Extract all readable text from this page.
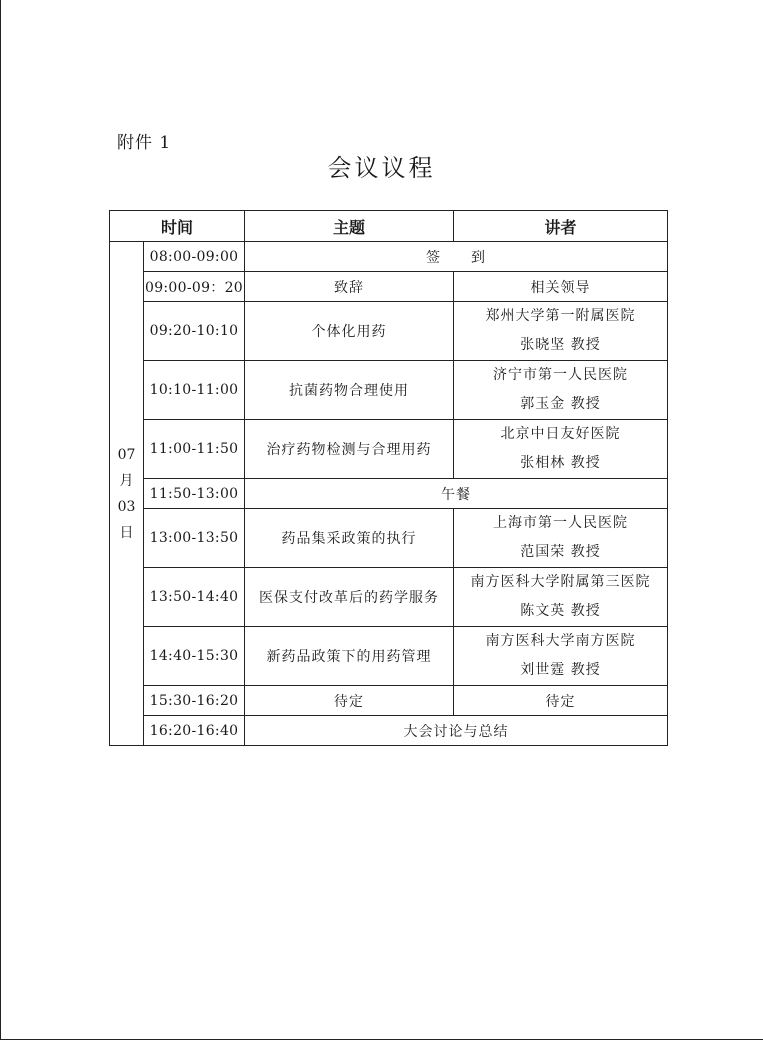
附件 1
会议议程
时间		主题	讲者

07
月
03
日	08:00-09:00	签　　到	
	09:00-09：20	致辞	相关领导
	09:20-10:10	个体化用药	郑州大学第一附属医院
张晓坚 教授

	10:10-11:00	抗菌药物合理使用	济宁市第一人民医院
郭玉金 教授

	11:00-11:50	治疗药物检测与合理用药	北京中日友好医院
张相林 教授

	11:50-13:00	午餐	
	13:00-13:50	药品集采政策的执行	上海市第一人民医院
范国荣 教授

	13:50-14:40	医保支付改革后的药学服务	南方医科大学附属第三医院
陈文英 教授

	14:40-15:30	新药品政策下的用药管理	南方医科大学南方医院
刘世霆 教授

	15:30-16:20	待定	待定
	16:20-16:40	大会讨论与总结	
